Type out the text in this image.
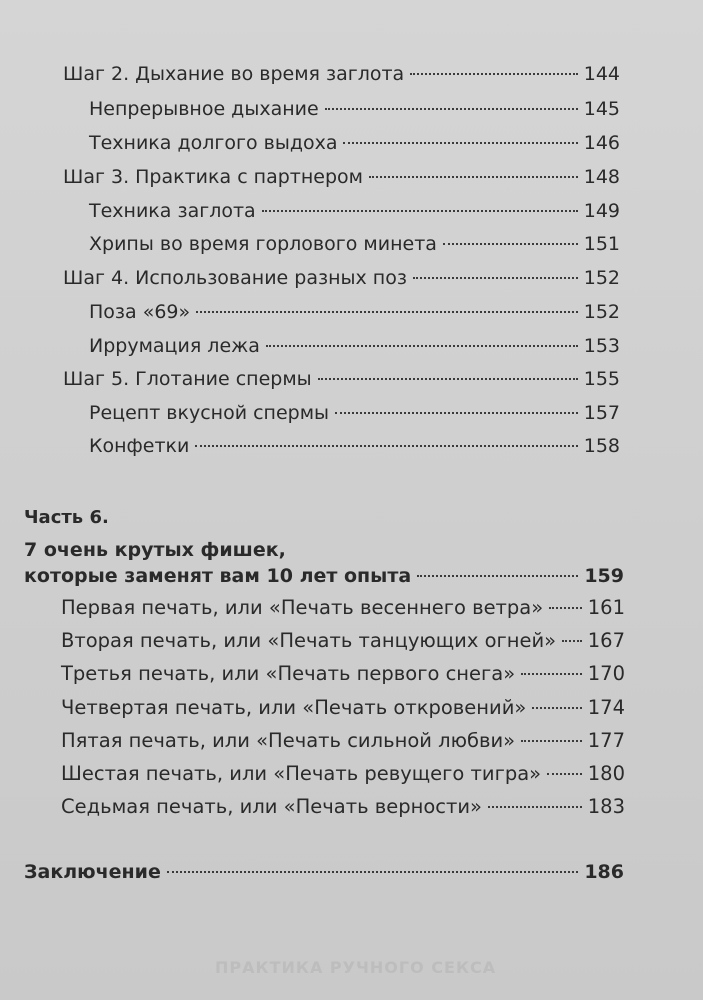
Шаг 2. Дыхание во время заглота	144
Непрерывное дыхание	145
Техника долгого выдоха	146
Шаг 3. Практика с партнером	148
Техника заглота	149
Хрипы во время горлового минета	151
Шаг 4. Использование разных поз	152
Поза «69»	152
Иррумация лежа	153
Шаг 5. Глотание спермы	155
Рецепт вкусной спермы	157
Конфетки	158
Часть 6.
7 очень крутых фишек,
которые заменят вам 10 лет опыта	159
Первая печать, или «Печать весеннего ветра» 161
Вторая печать, или «Печать танцующих огней» 167
Третья печать, или «Печать первого снега»	170
Четвертая печать, или «Печать откровений»	174
Пятая печать, или «Печать сильной любви»	177
Шестая печать, или «Печать ревущего тигра» 180
Седьмая печать, или «Печать верности»	183
Заключение	186
ПРАКТИКА РУЧНОГО СЕКСА
